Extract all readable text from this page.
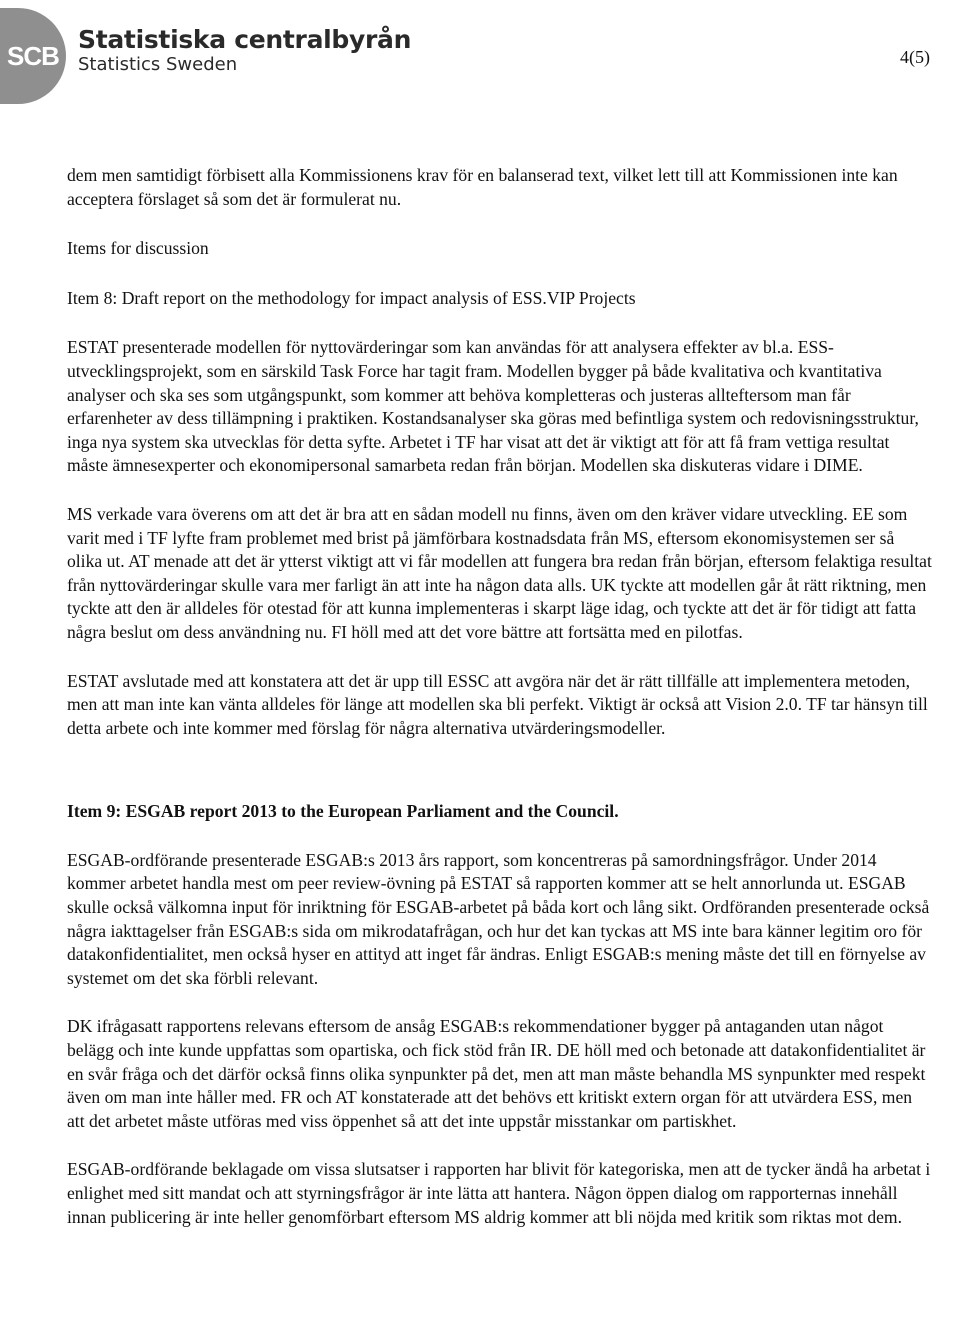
SCB
Statistiska centralbyrån
Statistics Sweden	4(5)

dem men samtidigt förbisett alla Kommissionens krav för en balanserad text, vilket lett till att Kommissionen inte kan acceptera förslaget så som det är formulerat nu.

Items for discussion

Item 8: Draft report on the methodology for impact analysis of ESS.VIP Projects

ESTAT presenterade modellen för nyttovärderingar som kan användas för att analysera effekter av bl.a. ESS-utvecklingsprojekt, som en särskild Task Force har tagit fram. Modellen bygger på både kvalitativa och kvantitativa analyser och ska ses som utgångspunkt, som kommer att behöva kompletteras och justeras allteftersom man får erfarenheter av dess tillämpning i praktiken. Kostandsanalyser ska göras med befintliga system och redovisningsstruktur, inga nya system ska utvecklas för detta syfte. Arbetet i TF har visat att det är viktigt att för att få fram vettiga resultat måste ämnesexperter och ekonomipersonal samarbeta redan från början. Modellen ska diskuteras vidare i DIME.

MS verkade vara överens om att det är bra att en sådan modell nu finns, även om den kräver vidare utveckling. EE som varit med i TF lyfte fram problemet med brist på jämförbara kostnadsdata från MS, eftersom ekonomisystemen ser så olika ut. AT menade att det är ytterst viktigt att vi får modellen att fungera bra redan från början, eftersom felaktiga resultat från nyttovärderingar skulle vara mer farligt än att inte ha någon data alls. UK tyckte att modellen går åt rätt riktning, men tyckte att den är alldeles för otestad för att kunna implementeras i skarpt läge idag, och tyckte att det är för tidigt att fatta några beslut om dess användning nu. FI höll med att det vore bättre att fortsätta med en pilotfas.

ESTAT avslutade med att konstatera att det är upp till ESSC att avgöra när det är rätt tillfälle att implementera metoden, men att man inte kan vänta alldeles för länge att modellen ska bli perfekt. Viktigt är också att Vision 2.0. TF tar hänsyn till detta arbete och inte kommer med förslag för några alternativa utvärderingsmodeller.

Item 9: ESGAB report 2013 to the European Parliament and the Council.

ESGAB-ordförande presenterade ESGAB:s 2013 års rapport, som koncentreras på samordningsfrågor. Under 2014 kommer arbetet handla mest om peer review-övning på ESTAT så rapporten kommer att se helt annorlunda ut. ESGAB skulle också välkomna input för inriktning för ESGAB-arbetet på båda kort och lång sikt. Ordföranden presenterade också några iakttagelser från ESGAB:s sida om mikrodatafrågan, och hur det kan tyckas att MS inte bara känner legitim oro för datakonfidentialitet, men också hyser en attityd att inget får ändras. Enligt ESGAB:s mening måste det till en förnyelse av systemet om det ska förbli relevant.

DK ifrågasatt rapportens relevans eftersom de ansåg ESGAB:s rekommendationer bygger på antaganden utan något belägg och inte kunde uppfattas som opartiska, och fick stöd från IR. DE höll med och betonade att datakonfidentialitet är en svår fråga och det därför också finns olika synpunkter på det, men att man måste behandla MS synpunkter med respekt även om man inte håller med. FR och AT konstaterade att det behövs ett kritiskt extern organ för att utvärdera ESS, men att det arbetet måste utföras med viss öppenhet så att det inte uppstår misstankar om partiskhet.

ESGAB-ordförande beklagade om vissa slutsatser i rapporten har blivit för kategoriska, men att de tycker ändå ha arbetat i enlighet med sitt mandat och att styrningsfrågor är inte lätta att hantera. Någon öppen dialog om rapporternas innehåll innan publicering är inte heller genomförbart eftersom MS aldrig kommer att bli nöjda med kritik som riktas mot dem.
